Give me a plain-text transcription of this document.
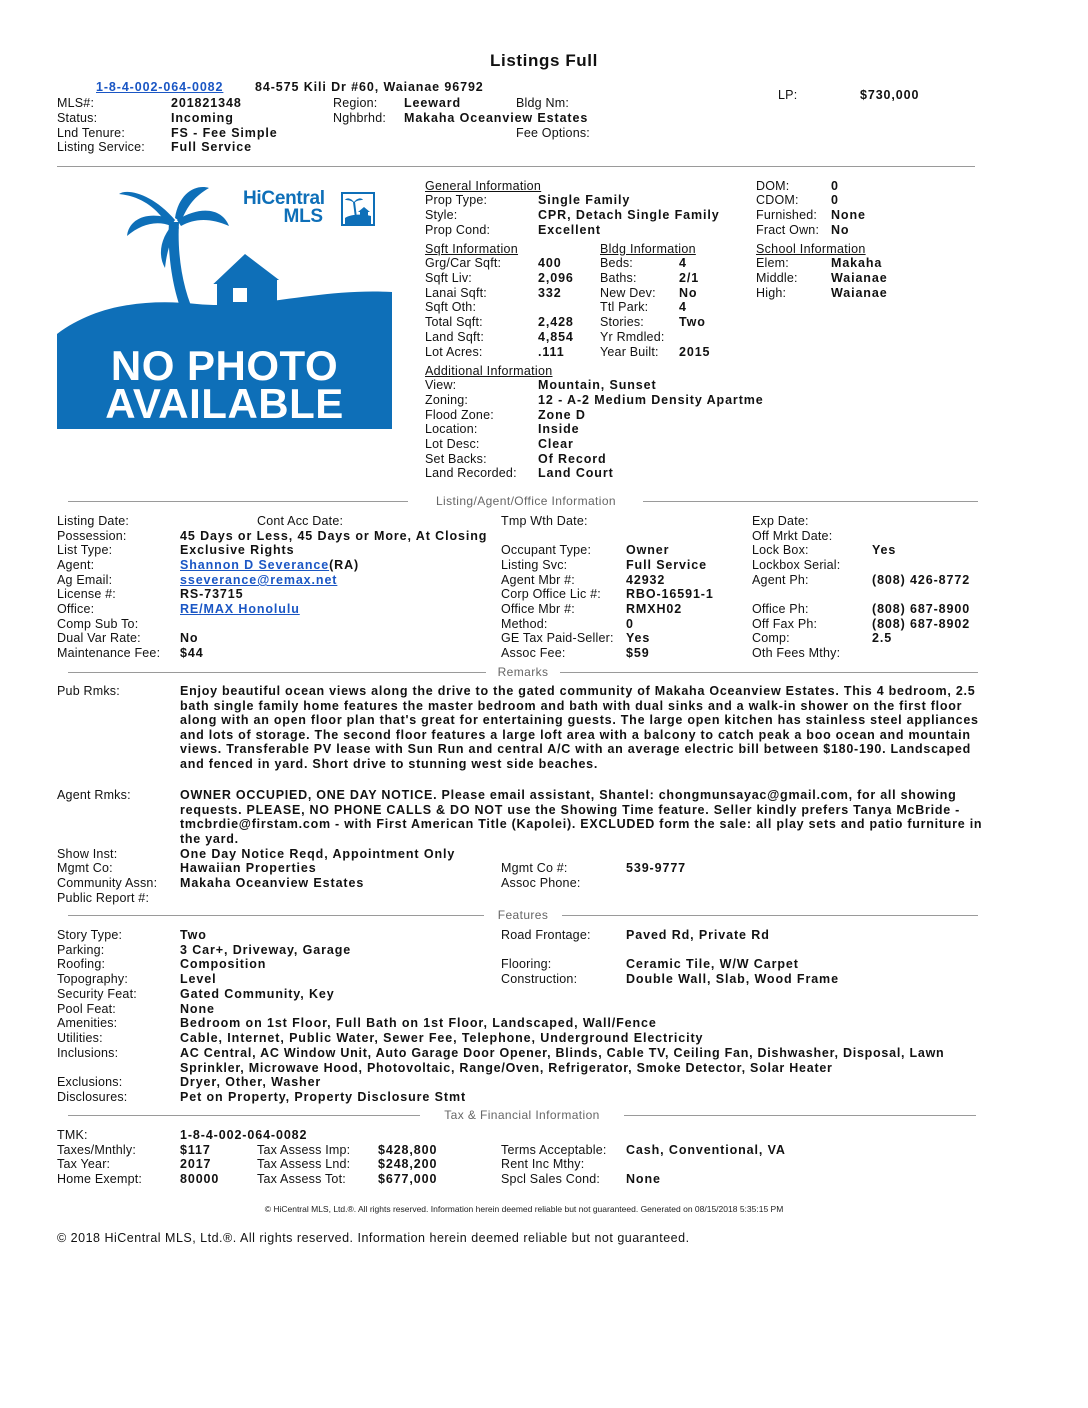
Listings Full
1-8-4-002-064-0082	84-575 Kili Dr #60, Waianae 96792
LP:	$730,000
MLS#:	201821348	Region: Leeward	Bldg Nm:
Status:	Incoming	Nghbrhd: Makaha Oceanview Estates
Lnd Tenure:	FS - Fee Simple	Fee Options:
Listing Service: Full Service
HiCentral
MLS
NO PHOTO
AVAILABLE
General Information
Prop Type:	Single Family
Style:	CPR, Detach Single Family
Prop Cond:	Excellent
DOM:	0
CDOM:	0
Furnished: None
Fract Own: No
Sqft Information
Grg/Car Sqft:	400
Sqft Liv:	2,096
Lanai Sqft:	332
Sqft Oth:
Total Sqft:	2,428
Land Sqft:	4,854
Lot Acres:	.111
Bldg Information
Beds:	4
Baths:	2/1
New Dev: No
Ttl Park: 4
Stories:	Two
Yr Rmdled:
Year Built: 2015
School Information
Elem:	Makaha
Middle:	Waianae
High:	Waianae
Additional Information
View:	Mountain, Sunset
Zoning:	12 - A-2 Medium Density Apartme
Flood Zone:	Zone D
Location:	Inside
Lot Desc:	Clear
Set Backs:	Of Record
Land Recorded: Land Court
Listing/Agent/Office Information
Listing Date:	Cont Acc Date:	Tmp Wth Date:	Exp Date:
Possession:	45 Days or Less, 45 Days or More, At Closing	Off Mrkt Date:
List Type:	Exclusive Rights	Occupant Type:	Owner	Lock Box:	Yes
Agent:	Shannon D Severance(RA)	Listing Svc:	Full Service	Lockbox Serial:
Ag Email:	sseverance@remax.net	Agent Mbr #:	42932	Agent Ph:	(808) 426-8772
License #:	RS-73715	Corp Office Lic #: RBO-16591-1
Office:	RE/MAX Honolulu	Office Mbr #:	RMXH02	Office Ph:	(808) 687-8900
Comp Sub To:	Method:	0	Off Fax Ph:	(808) 687-8902
Dual Var Rate:	No	GE Tax Paid-Seller: Yes	Comp:	2.5
Maintenance Fee: $44	Assoc Fee:	$59	Oth Fees Mthy:
Remarks
Pub Rmks:	Enjoy beautiful ocean views along the drive to the gated community of Makaha Oceanview Estates. This 4 bedroom, 2.5 bath single family home features the master bedroom and bath with dual sinks and a walk-in shower on the first floor along with an open floor plan that's great for entertaining guests. The large open kitchen has stainless steel appliances and lots of storage. The second floor features a large loft area with a balcony to catch peak a boo ocean and mountain views. Transferable PV lease with Sun Run and central A/C with an average electric bill between $180-190. Landscaped and fenced in yard. Short drive to stunning west side beaches.
Agent Rmks:	OWNER OCCUPIED, ONE DAY NOTICE. Please email assistant, Shantel: chongmunsayac@gmail.com, for all showing requests. PLEASE, NO PHONE CALLS & DO NOT use the Showing Time feature. Seller kindly prefers Tanya McBride - tmcbrdie@firstam.com - with First American Title (Kapolei). EXCLUDED form the sale: all play sets and patio furniture in the yard.
Show Inst:	One Day Notice Reqd, Appointment Only
Mgmt Co:	Hawaiian Properties	Mgmt Co #:	539-9777
Community Assn: Makaha Oceanview Estates	Assoc Phone:
Public Report #:
Features
Story Type:	Two	Road Frontage:	Paved Rd, Private Rd
Parking:	3 Car+, Driveway, Garage
Roofing:	Composition	Flooring:	Ceramic Tile, W/W Carpet
Topography:	Level	Construction:	Double Wall, Slab, Wood Frame
Security Feat:	Gated Community, Key
Pool Feat:	None
Amenities:	Bedroom on 1st Floor, Full Bath on 1st Floor, Landscaped, Wall/Fence
Utilities:	Cable, Internet, Public Water, Sewer Fee, Telephone, Underground Electricity
Inclusions:	AC Central, AC Window Unit, Auto Garage Door Opener, Blinds, Cable TV, Ceiling Fan, Dishwasher, Disposal, Lawn Sprinkler, Microwave Hood, Photovoltaic, Range/Oven, Refrigerator, Smoke Detector, Solar Heater
Exclusions:	Dryer, Other, Washer
Disclosures:	Pet on Property, Property Disclosure Stmt
Tax & Financial Information
TMK:	1-8-4-002-064-0082
Taxes/Mnthly:	$117	Tax Assess Imp: $428,800	Terms Acceptable: Cash, Conventional, VA
Tax Year:	2017	Tax Assess Lnd: $248,200	Rent Inc Mthy:
Home Exempt:	80000	Tax Assess Tot:	$677,000	Spcl Sales Cond: None
© HiCentral MLS, Ltd.®. All rights reserved. Information herein deemed reliable but not guaranteed. Generated on 08/15/2018 5:35:15 PM
© 2018 HiCentral MLS, Ltd.®. All rights reserved. Information herein deemed reliable but not guaranteed.
